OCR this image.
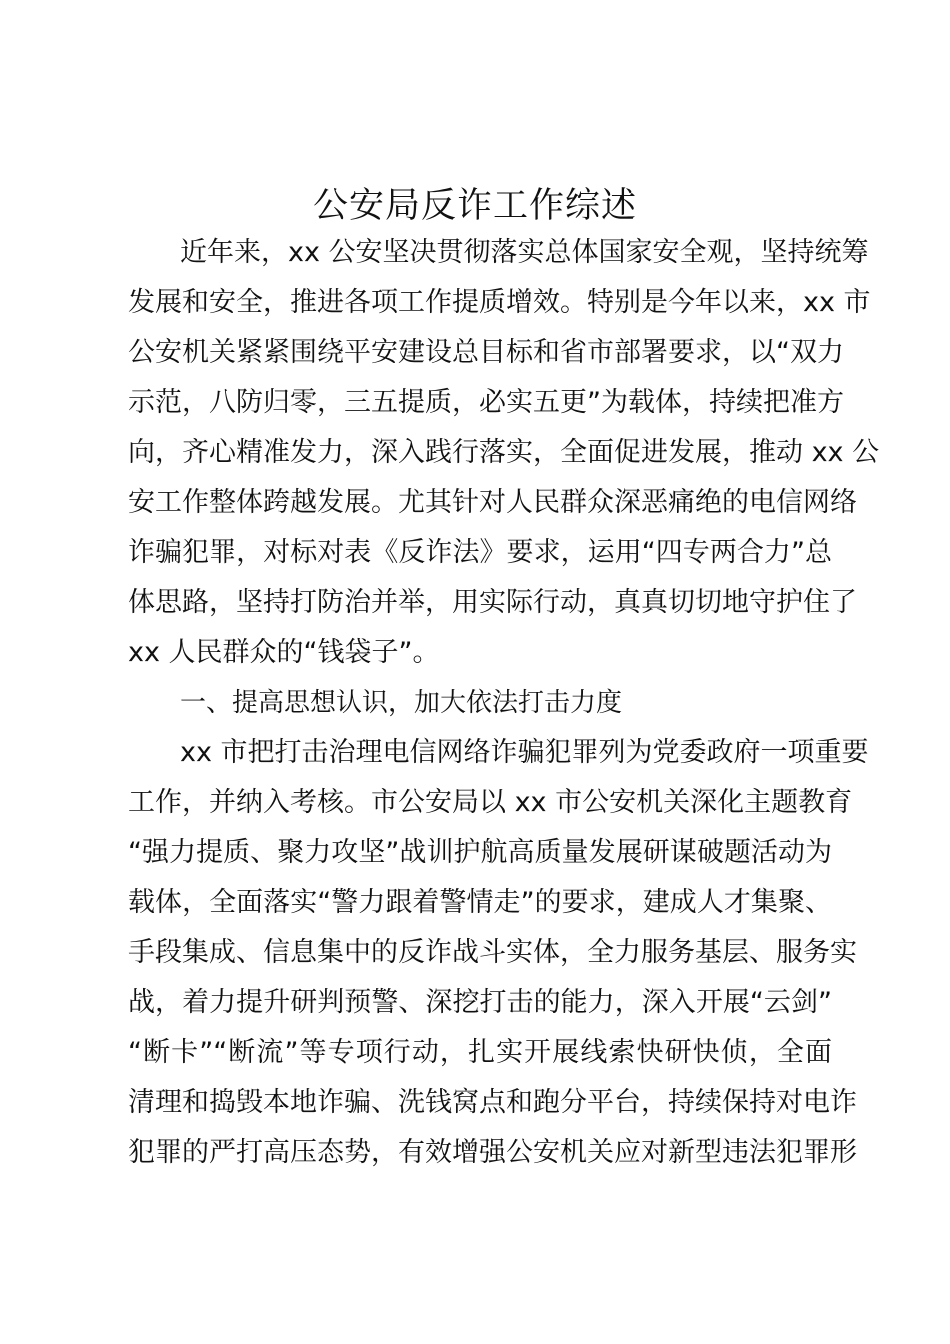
公安局反诈工作综述
近年来，xx 公安坚决贯彻落实总体国家安全观，坚持统筹
发展和安全，推进各项工作提质增效。特别是今年以来，xx 市
公安机关紧紧围绕平安建设总目标和省市部署要求，以“双力
示范，八防归零，三五提质，必实五更”为载体，持续把准方
向，齐心精准发力，深入践行落实，全面促进发展，推动 xx 公
安工作整体跨越发展。尤其针对人民群众深恶痛绝的电信网络
诈骗犯罪，对标对表《反诈法》要求，运用“四专两合力”总
体思路，坚持打防治并举，用实际行动，真真切切地守护住了
xx 人民群众的“钱袋子”。
一、提高思想认识，加大依法打击力度
xx 市把打击治理电信网络诈骗犯罪列为党委政府一项重要
工作，并纳入考核。市公安局以 xx 市公安机关深化主题教育
“强力提质、聚力攻坚”战训护航高质量发展研谋破题活动为
载体，全面落实“警力跟着警情走”的要求，建成人才集聚、
手段集成、信息集中的反诈战斗实体，全力服务基层、服务实
战，着力提升研判预警、深挖打击的能力，深入开展“云剑”
“断卡”“断流”等专项行动，扎实开展线索快研快侦，全面
清理和捣毁本地诈骗、洗钱窝点和跑分平台，持续保持对电诈
犯罪的严打高压态势，有效增强公安机关应对新型违法犯罪形
